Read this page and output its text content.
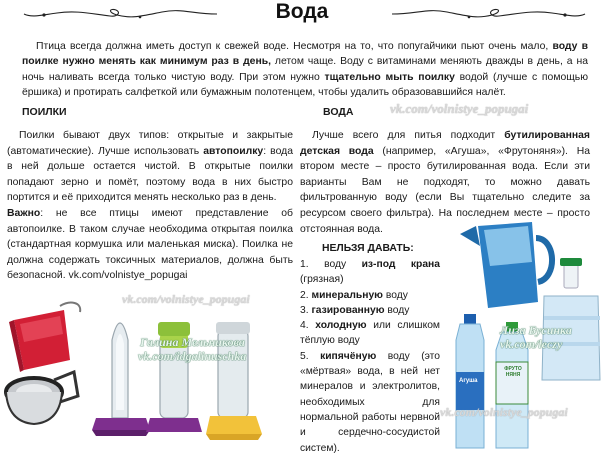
Вода

Птица всегда должна иметь доступ к свежей воде. Несмотря на то, что попугайчики пьют очень мало, воду в поилке нужно менять как минимум раз в день, летом чаще. Воду с витаминами меняють дважды в день, а на ночь наливать всегда только чистую воду. При этом нужно тщательно мыть поилку водой (лучше с помощью ёршика) и протирать салфеткой или бумажным полотенцем, чтобы удалить образовавшийся налёт.

ПОИЛКИ	ВОДА	vk.com/volnistye_popugai

Поилки бывают двух типов: открытые и закрытые (автоматические). Лучше использовать автопоилку: вода в ней дольше остается чистой. В открытые поилки попадают зерно и помёт, поэтому вода в них быстро портится и её приходится менять несколько раз в день.

Важно: не все птицы имеют представление об автопоилке. В таком случае необходима открытая поилка (стандартная кормушка или маленькая миска). Поилка не должна содержать токсичных материалов, должна быть безопасной. vk.com/volnistye_popugai

Лучше всего для питья подходит бутилированная детская вода (например, «Агуша», «Фрутоняня»). На втором месте – просто бутилированная вода. Если эти варианты Вам не подходят, то можно давать фильтрованную воду (если Вы тщательно следите за ресурсом своего фильтра). На последнем месте – просто отстоянная вода.

НЕЛЬЗЯ ДАВАТЬ:
1. воду из-под крана (грязная)
2. минеральную воду
3. газированную воду
4. холодную или слишком тёплую воду
5. кипячёную воду (это «мёртвая» вода, в ней нет минералов и электролитов, необходимых для нормальной работы нервной и сердечно-сосудистой систем).
vk.com/volnistye_popugai
Галина Мельникова
vk.com/idgalinuschka
Агуша
ФРУТО НЯНЯ
Лиза Бусинка
vk.com/leczy
vk.com/volnistye_popugai
